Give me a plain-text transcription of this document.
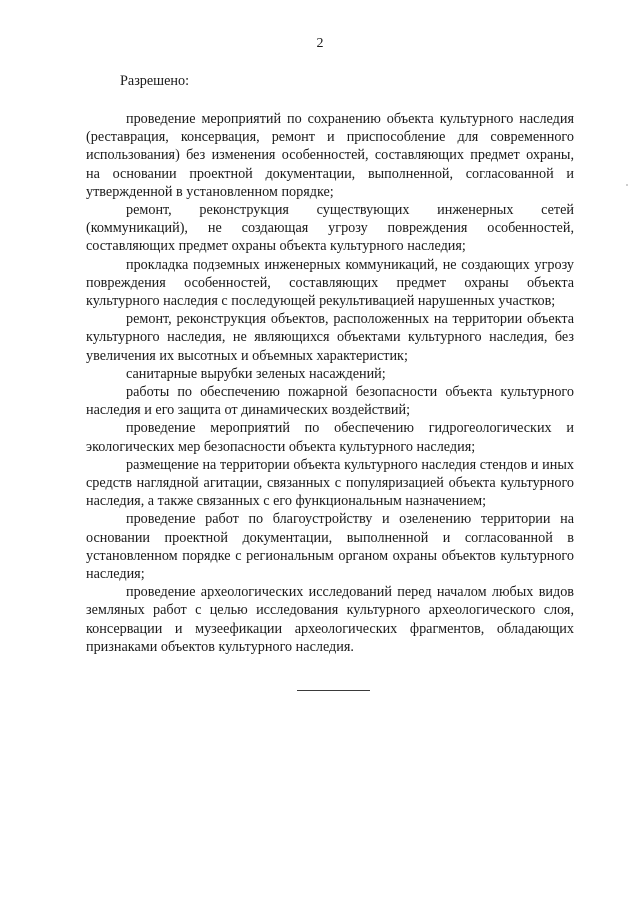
2
Разрешено:

проведение мероприятий по сохранению объекта культурного наследия (реставрация, консервация, ремонт и приспособление для современного использования) без изменения особенностей, составляющих предмет охраны, на основании проектной документации, выполненной, согласованной и утвержденной в установленном порядке;

ремонт, реконструкция существующих инженерных сетей (коммуникаций), не создающая угрозу повреждения особенностей, составляющих предмет охраны объекта культурного наследия;

прокладка подземных инженерных коммуникаций, не создающих угрозу повреждения особенностей, составляющих предмет охраны объекта культурного наследия с последующей рекультивацией нарушенных участков;

ремонт, реконструкция объектов, расположенных на территории объекта культурного наследия, не являющихся объектами культурного наследия, без увеличения их высотных и объемных характеристик;

санитарные вырубки зеленых насаждений;

работы по обеспечению пожарной безопасности объекта культурного наследия и его защита от динамических воздействий;

проведение мероприятий по обеспечению гидрогеологических и экологических мер безопасности объекта культурного наследия;

размещение на территории объекта культурного наследия стендов и иных средств наглядной агитации, связанных с популяризацией объекта культурного наследия, а также связанных с его функциональным назначением;

проведение работ по благоустройству и озеленению территории на основании проектной документации, выполненной и согласованной в установленном порядке с региональным органом охраны объектов культурного наследия;

проведение археологических исследований перед началом любых видов земляных работ с целью исследования культурного археологического слоя, консервации и музеефикации археологических фрагментов, обладающих признаками объектов культурного наследия.
